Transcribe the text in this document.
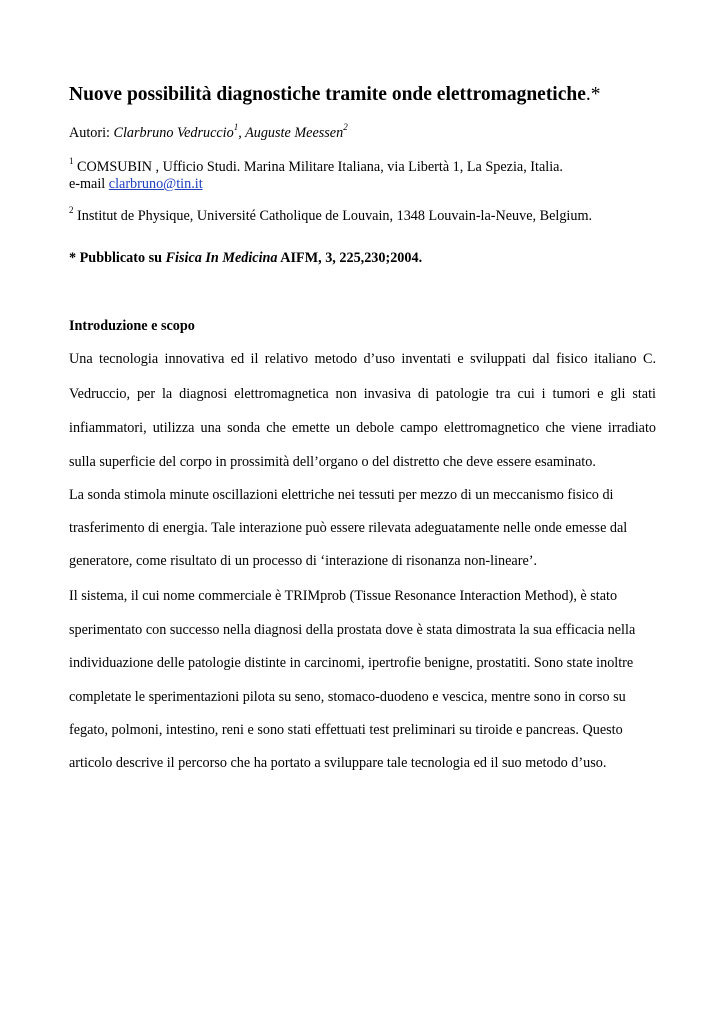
Nuove possibilità diagnostiche tramite onde elettromagnetiche.*
Autori: Clarbruno Vedruccio$^1$, Auguste Meessen$^2$
$^1$ COMSUBIN , Ufficio Studi. Marina Militare Italiana, via Libertà 1, La Spezia, Italia.
e-mail clarbruno@tin.it
$^2$ Institut de Physique, Université Catholique de Louvain, 1348 Louvain-la-Neuve, Belgium.
* Pubblicato su Fisica In Medicina AIFM, 3, 225,230;2004.
Introduzione e scopo
Una tecnologia innovativa ed il relativo metodo d’uso inventati e sviluppati dal fisico italiano C.
Vedruccio, per la diagnosi elettromagnetica non invasiva di patologie tra cui i tumori e gli stati
infiammatori, utilizza una sonda che emette un debole campo elettromagnetico che viene irradiato
sulla superficie del corpo in prossimità dell’organo o del distretto che deve essere esaminato.
La sonda stimola minute oscillazioni elettriche nei tessuti per mezzo di un meccanismo fisico di
trasferimento di energia. Tale interazione può essere rilevata adeguatamente nelle onde emesse dal
generatore, come risultato di un processo di ‘interazione di risonanza non-lineare’.
Il sistema, il cui nome commerciale è TRIMprob (Tissue Resonance Interaction Method), è stato
sperimentato con successo nella diagnosi della prostata dove è stata dimostrata la sua efficacia nella
individuazione delle patologie distinte in carcinomi, ipertrofie benigne, prostatiti. Sono state inoltre
completate le sperimentazioni pilota su seno, stomaco-duodeno e vescica, mentre sono in corso su
fegato, polmoni, intestino, reni e sono stati effettuati test preliminari su tiroide e pancreas. Questo
articolo descrive il percorso che ha portato a sviluppare tale tecnologia ed il suo metodo d’uso.
